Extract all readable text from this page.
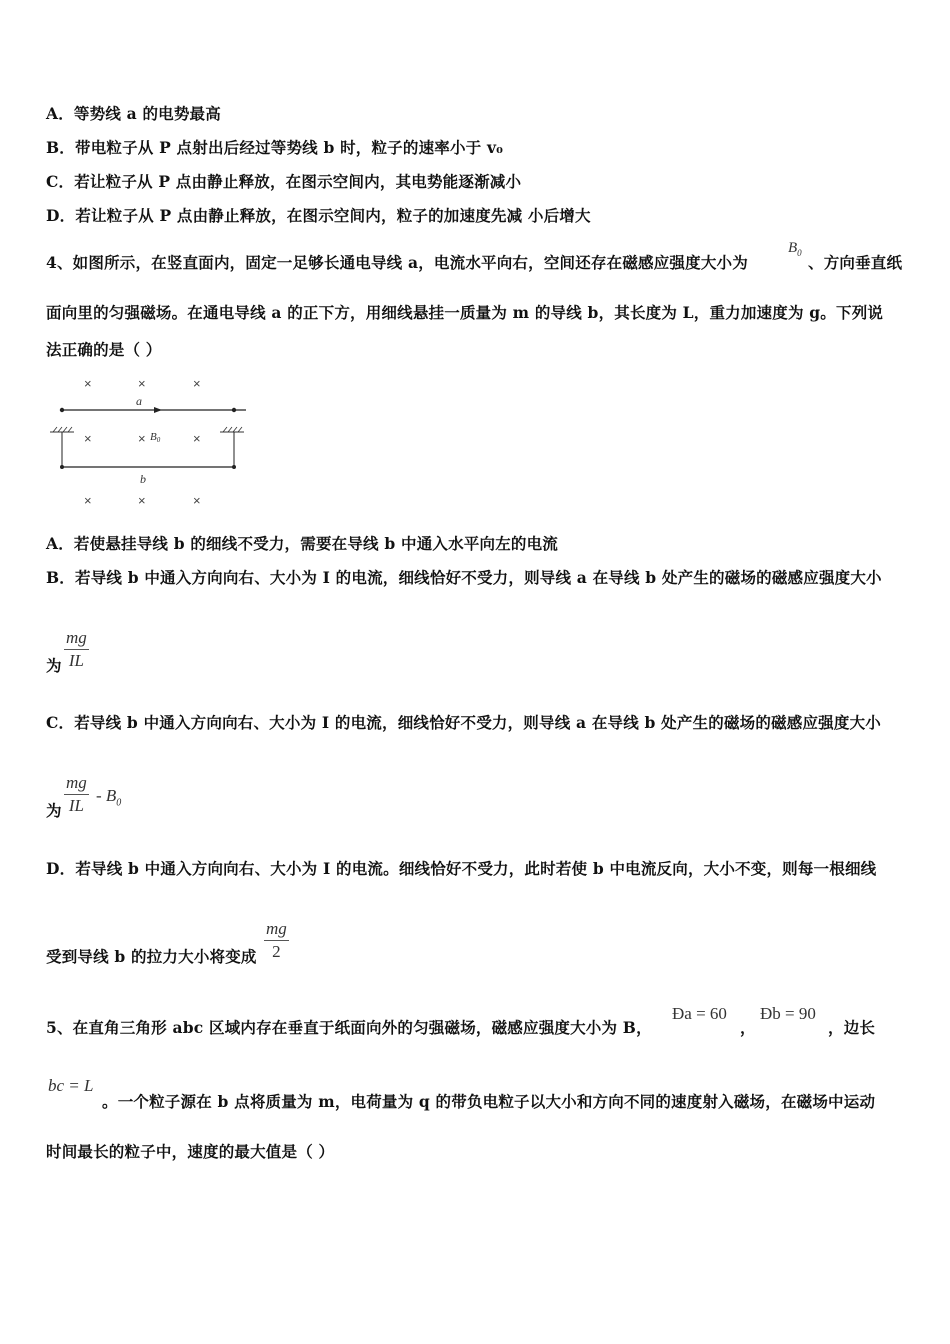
A．等势线 a 的电势最高
B．带电粒子从 P 点射出后经过等势线 b 时，粒子的速率小于 v₀
C．若让粒子从 P 点由静止释放，在图示空间内，其电势能逐渐减小
D．若让粒子从 P 点由静止释放，在图示空间内，粒子的加速度先减 小后增大
4、如图所示，在竖直面内，固定一足够长通电导线 a，电流水平向右，空间还存在磁感应强度大小为
$B_0$ 、方向垂直纸
面向里的匀强磁场。在通电导线 a 的正下方，用细线悬挂一质量为 m 的导线 b，其长度为 L，重力加速度为 g。下列说
法正确的是（ ）
×	×	×
×	×	×
×	×	×
a
b
B0
A．若使悬挂导线 b 的细线不受力，需要在导线 b 中通入水平向左的电流
B．若导线 b 中通入方向向右、大小为 I 的电流，细线恰好不受力，则导线 a 在导线 b 处产生的磁场的磁感应强度大小
为
mg
IL
C．若导线 b 中通入方向向右、大小为 I 的电流，细线恰好不受力，则导线 a 在导线 b 处产生的磁场的磁感应强度大小
为
mg
IL
- $B_0$
D．若导线 b 中通入方向向右、大小为 I 的电流。细线恰好不受力，此时若使 b 中电流反向，大小不变，则每一根细线
受到导线 b 的拉力大小将变成
mg
2
5、在直角三角形 abc 区域内存在垂直于纸面向外的匀强磁场，磁感应强度大小为 B，
Ða = 60
，
Ðb = 90
，边长
bc = L
。一个粒子源在 b 点将质量为 m，电荷量为 q 的带负电粒子以大小和方向不同的速度射入磁场，在磁场中运动
时间最长的粒子中，速度的最大值是（ ）
